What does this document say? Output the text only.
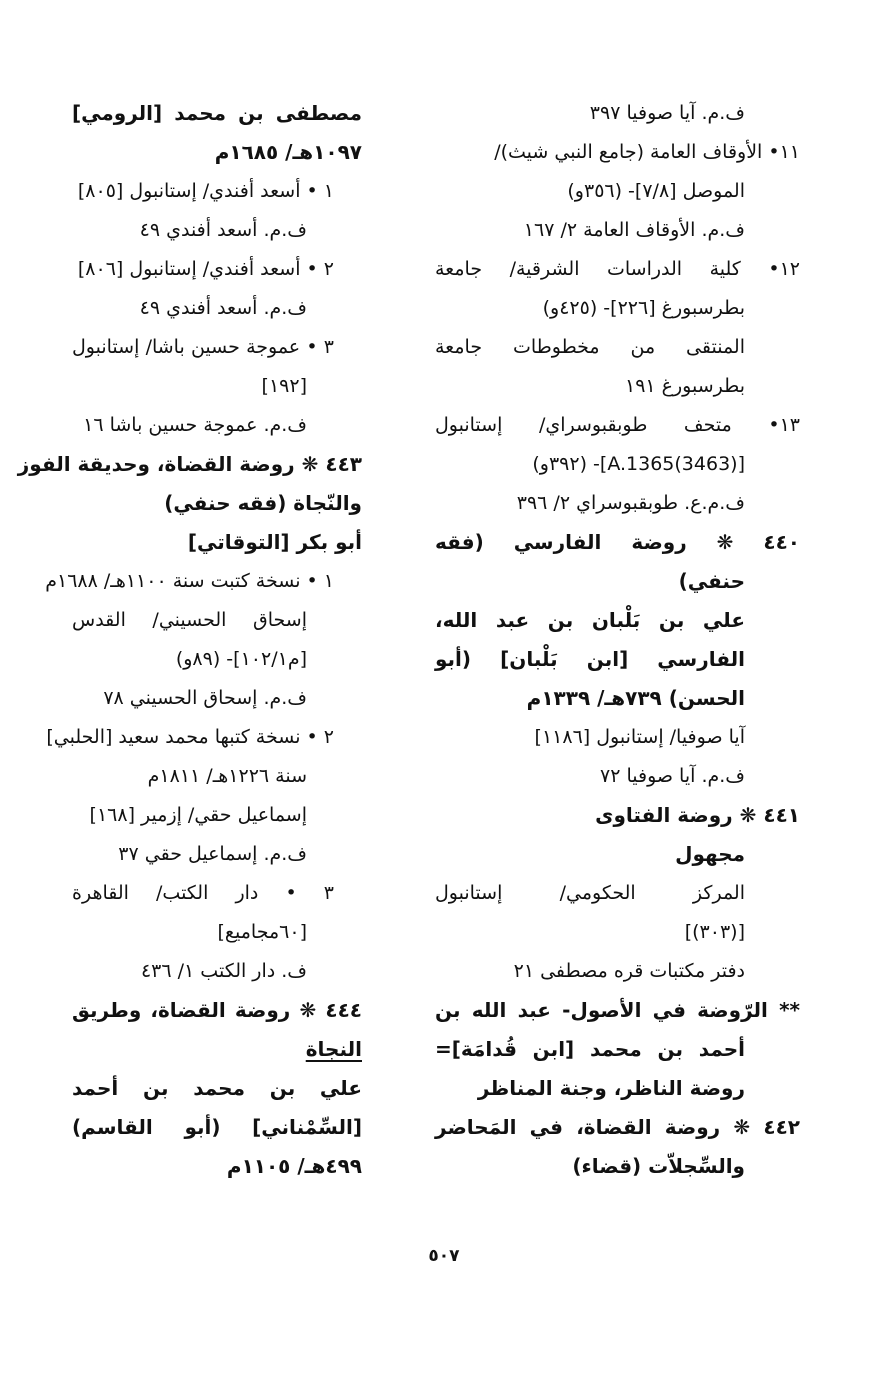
ف.م. آيا صوفيا ٣٩٧
١١• الأوقاف العامة (جامع النبي شيث)/
الموصل [٧/٨]- (٣٥٦و)
ف.م. الأوقاف العامة ٢/ ١٦٧
١٢• كلية الدراسات الشرقية/ جامعة
بطرسبورغ [٢٢٦]- (٤٢٥و)
المنتقى من مخطوطات جامعة
بطرسبورغ ١٩١
١٣• متحف طوبقبوسراي/ إستانبول
[A.1365(3463)]- (٣٩٢و)
ف.م.ع. طوبقبوسراي ٢/ ٣٩٦
٤٤٠ ❋ روضة الفارسي (فقه
حنفي)
علي بن بَلْبان بن عبد الله،
الفارسي [ابن بَلْبان] (أبو
الحسن) ٧٣٩هـ/ ١٣٣٩م
آيا صوفيا/ إستانبول [١١٨٦]
ف.م. آيا صوفيا ٧٢
٤٤١ ❋ روضة الفتاوى
مجهول
المركز الحكومي/ إستانبول
[(٣٠٣)]
دفتر مكتبات قره مصطفى ٢١
** الرّوضة في الأصول- عبد الله بن
أحمد بن محمد [ابن قُدامَة]=
روضة الناظر، وجنة المناظر
٤٤٢ ❋ روضة القضاة، في المَحاضر
والسِّجلاّت (قضاء)
مصطفى بن محمد [الرومي]
١٠٩٧هـ/ ١٦٨٥م
١ • أسعد أفندي/ إستانبول [٨٠٥]
ف.م. أسعد أفندي ٤٩
٢ • أسعد أفندي/ إستانبول [٨٠٦]
ف.م. أسعد أفندي ٤٩
٣ • عموجة حسين باشا/ إستانبول
[١٩٢]
ف.م. عموجة حسين باشا ١٦
٤٤٣ ❋ روضة القضاة، وحديقة الفوز
والنّجاة (فقه حنفي)
أبو بكر [التوقاتي]
١ • نسخة كتبت سنة ١١٠٠هـ/ ١٦٨٨م
إسحاق الحسيني/ القدس
[م١٠٢/١]- (٨٩و)
ف.م. إسحاق الحسيني ٧٨
٢ • نسخة كتبها محمد سعيد [الحلبي]
سنة ١٢٢٦هـ/ ١٨١١م
إسماعيل حقي/ إزمير [١٦٨]
ف.م. إسماعيل حقي ٣٧
٣ • دار الكتب/ القاهرة
[٦٠مجاميع]
ف. دار الكتب ١/ ٤٣٦
٤٤٤ ❋ روضة القضاة، وطريق
النجاة
علي بن محمد بن أحمد
[السِّمْناني] (أبو القاسم)
٤٩٩هـ/ ١١٠٥م
٥٠٧
